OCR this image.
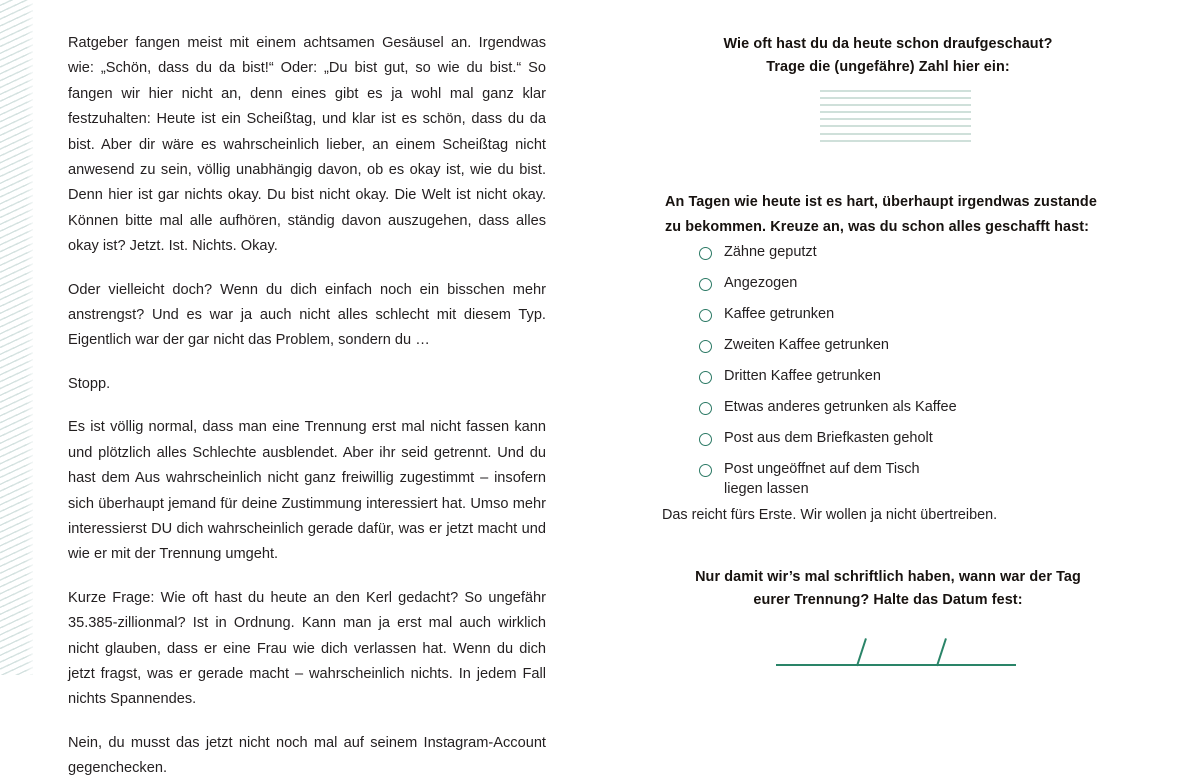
Ratgeber fangen meist mit einem achtsamen Gesäusel an. Irgendwas wie: „Schön, dass du da bist!“ Oder: „Du bist gut, so wie du bist.“ So fangen wir hier nicht an, denn eines gibt es ja wohl mal ganz klar festzuhalten: Heute ist ein Scheißtag, und klar ist es schön, dass du da bist. Aber dir wäre es wahrscheinlich lieber, an einem Scheißtag nicht anwesend zu sein, völlig unabhängig davon, ob es okay ist, wie du bist. Denn hier ist gar nichts okay. Du bist nicht okay. Die Welt ist nicht okay. Können bitte mal alle aufhören, ständig davon auszugehen, dass alles okay ist? Jetzt. Ist. Nichts. Okay.

Oder vielleicht doch? Wenn du dich einfach noch ein bisschen mehr anstrengst? Und es war ja auch nicht alles schlecht mit diesem Typ. Eigentlich war der gar nicht das Problem, sondern du …

Stopp.

Es ist völlig normal, dass man eine Trennung erst mal nicht fassen kann und plötzlich alles Schlechte ausblendet. Aber ihr seid getrennt. Und du hast dem Aus wahrscheinlich nicht ganz freiwillig zugestimmt – insofern sich überhaupt jemand für deine Zustimmung interessiert hat. Umso mehr interessierst DU dich wahrscheinlich gerade dafür, was er jetzt macht und wie er mit der Trennung umgeht.

Kurze Frage: Wie oft hast du heute an den Kerl gedacht? So ungefähr 35.385-zillionmal? Ist in Ordnung. Kann man ja erst mal auch wirklich nicht glauben, dass er eine Frau wie dich verlassen hat. Wenn du dich jetzt fragst, was er gerade macht – wahrscheinlich nichts. In jedem Fall nichts Spannendes.

Nein, du musst das jetzt nicht noch mal auf seinem Instagram-Account gegenchecken.

Wie oft hast du da heute schon draufgeschaut?
Trage die (ungefähre) Zahl hier ein:
An Tagen wie heute ist es hart, überhaupt irgendwas zustande
zu bekommen. Kreuze an, was du schon alles geschafft hast:
Zähne geputzt
Angezogen
Kaffee getrunken
Zweiten Kaffee getrunken
Dritten Kaffee getrunken
Etwas anderes getrunken als Kaffee
Post aus dem Briefkasten geholt
Post ungeöffnet auf dem Tisch
liegen lassen
Das reicht fürs Erste. Wir wollen ja nicht übertreiben.
Nur damit wir’s mal schriftlich haben, wann war der Tag
eurer Trennung? Halte das Datum fest:
